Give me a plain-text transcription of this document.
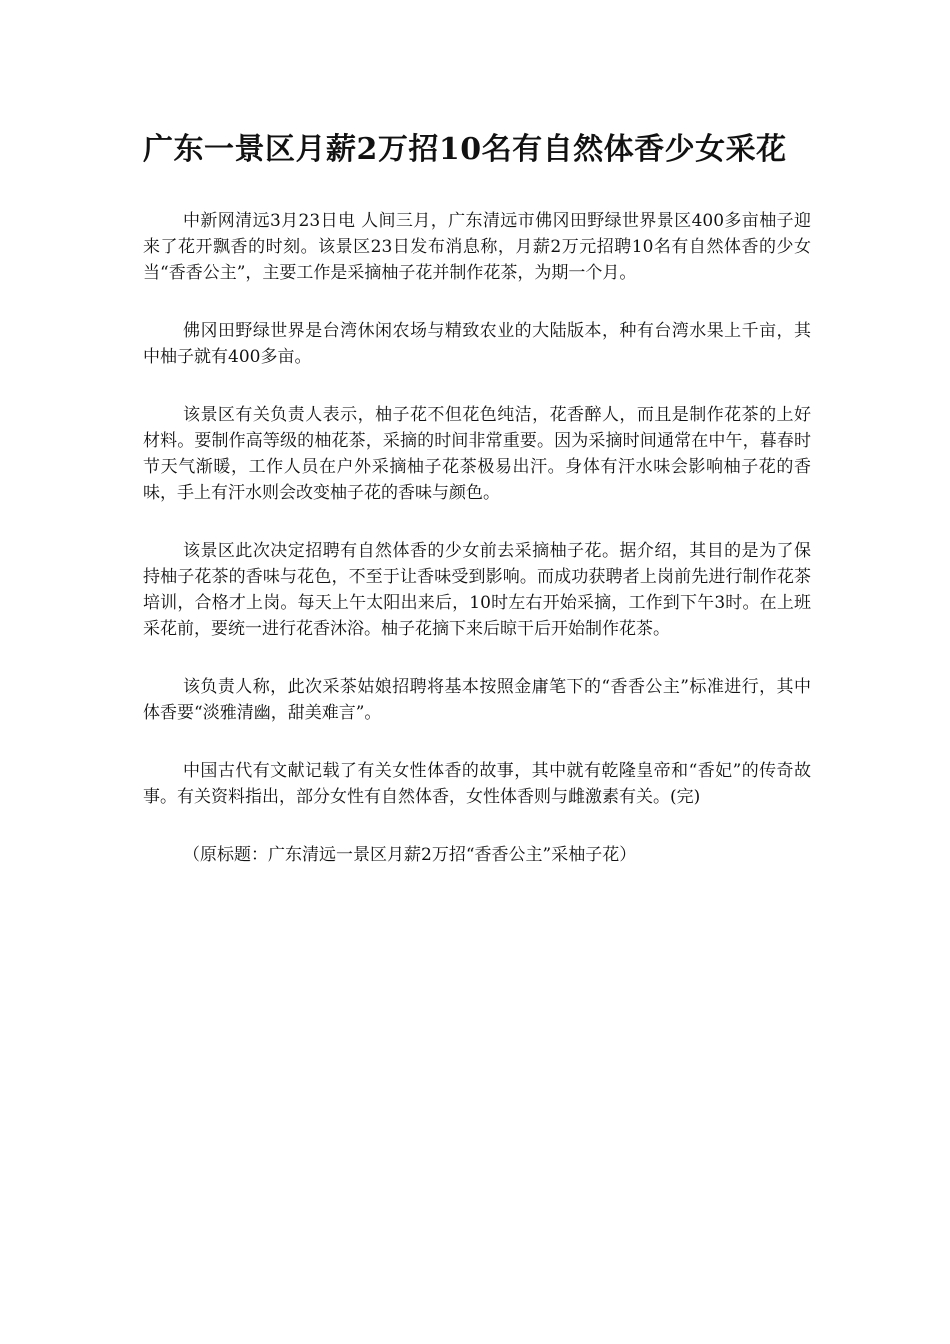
广东一景区月薪2万招10名有自然体香少女采花

中新网清远3月23日电 人间三月，广东清远市佛冈田野绿世界景区400多亩柚子迎来了花开飘香的时刻。该景区23日发布消息称，月薪2万元招聘10名有自然体香的少女当“香香公主”，主要工作是采摘柚子花并制作花茶，为期一个月。

佛冈田野绿世界是台湾休闲农场与精致农业的大陆版本，种有台湾水果上千亩，其中柚子就有400多亩。

该景区有关负责人表示，柚子花不但花色纯洁，花香醉人，而且是制作花茶的上好材料。要制作高等级的柚花茶，采摘的时间非常重要。因为采摘时间通常在中午，暮春时节天气渐暖，工作人员在户外采摘柚子花茶极易出汗。身体有汗水味会影响柚子花的香味，手上有汗水则会改变柚子花的香味与颜色。

该景区此次决定招聘有自然体香的少女前去采摘柚子花。据介绍，其目的是为了保持柚子花茶的香味与花色，不至于让香味受到影响。而成功获聘者上岗前先进行制作花茶培训，合格才上岗。每天上午太阳出来后，10时左右开始采摘，工作到下午3时。在上班采花前，要统一进行花香沐浴。柚子花摘下来后晾干后开始制作花茶。

该负责人称，此次采茶姑娘招聘将基本按照金庸笔下的“香香公主”标准进行，其中体香要“淡雅清幽，甜美难言”。

中国古代有文献记载了有关女性体香的故事，其中就有乾隆皇帝和“香妃”的传奇故事。有关资料指出，部分女性有自然体香，女性体香则与雌激素有关。(完)

（原标题：广东清远一景区月薪2万招“香香公主”采柚子花）
